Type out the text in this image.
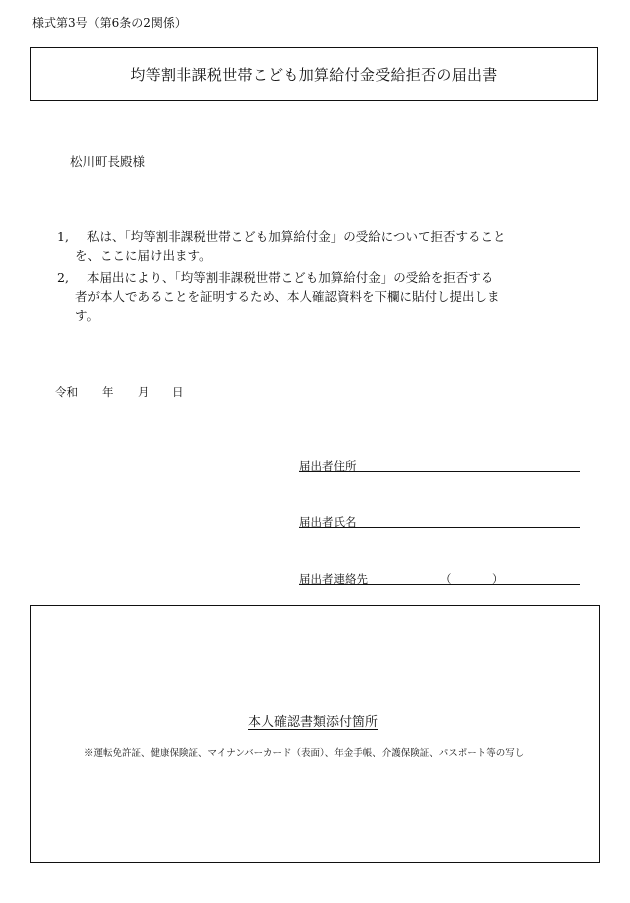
様式第3号（第6条の2関係）
均等割非課税世帯こども加算給付金受給拒否の届出書
松川町長殿様
1, 私は、「均等割非課税世帯こども加算給付金」の受給について拒否すること
を、ここに届け出ます。
2, 本届出により、「均等割非課税世帯こども加算給付金」の受給を拒否する
者が本人であることを証明するため、本人確認資料を下欄に貼付し提出しま
す。
令和 年 月 日
届出者住所
届出者氏名
届出者連絡先	（	）
本人確認書類添付箇所
※運転免許証、健康保険証、マイナンバーカード（表面）、年金手帳、介護保険証、パスポート等の写し
